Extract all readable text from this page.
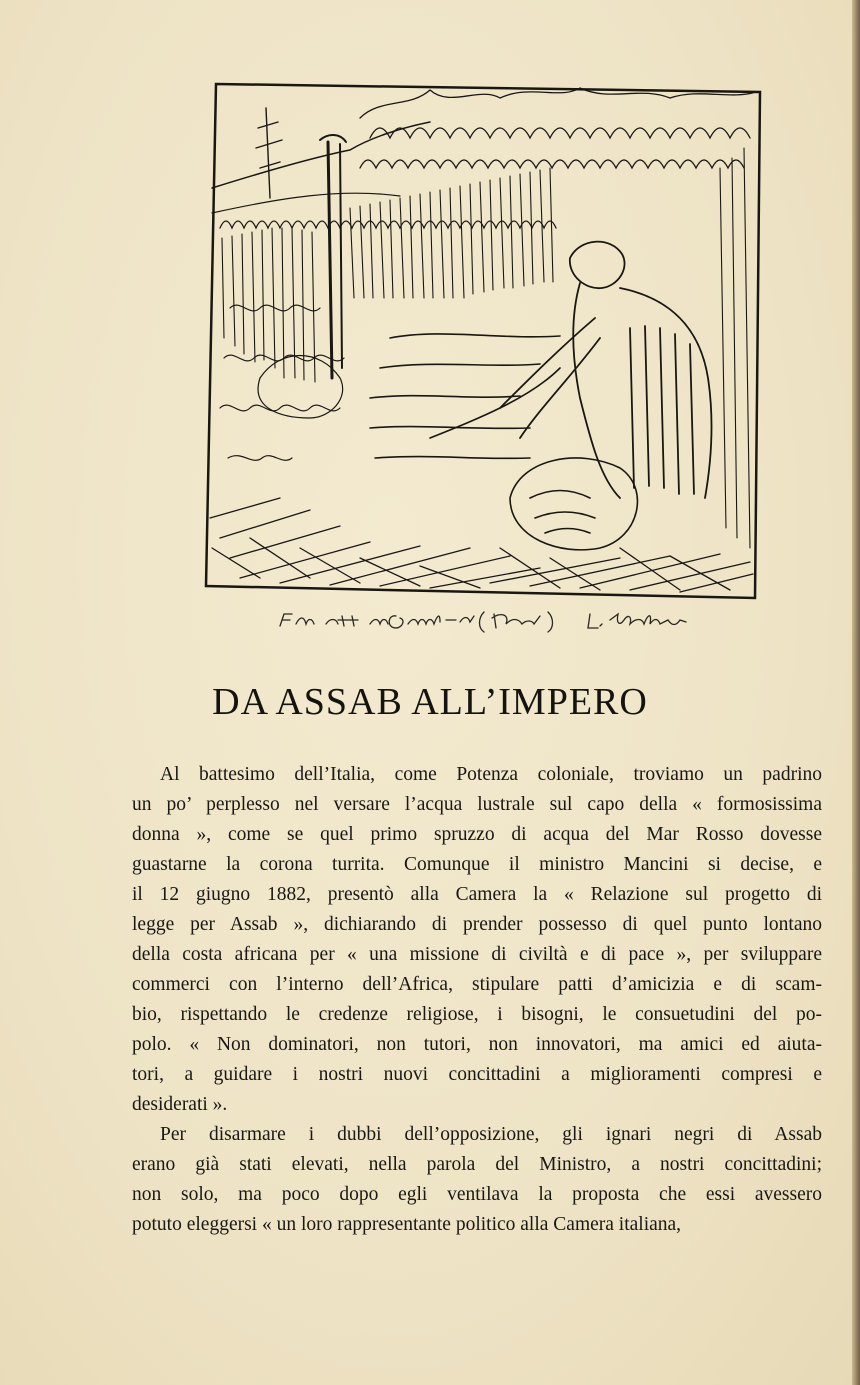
DA ASSAB ALL’IMPERO

Al battesimo dell’Italia, come Potenza coloniale, troviamo un padrino
un po’ perplesso nel versare l’acqua lustrale sul capo della « formosissima
donna », come se quel primo spruzzo di acqua del Mar Rosso dovesse
guastarne la corona turrita. Comunque il ministro Mancini si decise, e
il 12 giugno 1882, presentò alla Camera la « Relazione sul progetto di
legge per Assab », dichiarando di prender possesso di quel punto lontano
della costa africana per « una missione di civiltà e di pace », per sviluppare
commerci con l’interno dell’Africa, stipulare patti d’amicizia e di scam-
bio, rispettando le credenze religiose, i bisogni, le consuetudini del po-
polo. « Non dominatori, non tutori, non innovatori, ma amici ed aiuta-
tori, a guidare i nostri nuovi concittadini a miglioramenti compresi e
desiderati ».

Per disarmare i dubbi dell’opposizione, gli ignari negri di Assab
erano già stati elevati, nella parola del Ministro, a nostri concittadini;
non solo, ma poco dopo egli ventilava la proposta che essi avessero
potuto eleggersi « un loro rappresentante politico alla Camera italiana,
